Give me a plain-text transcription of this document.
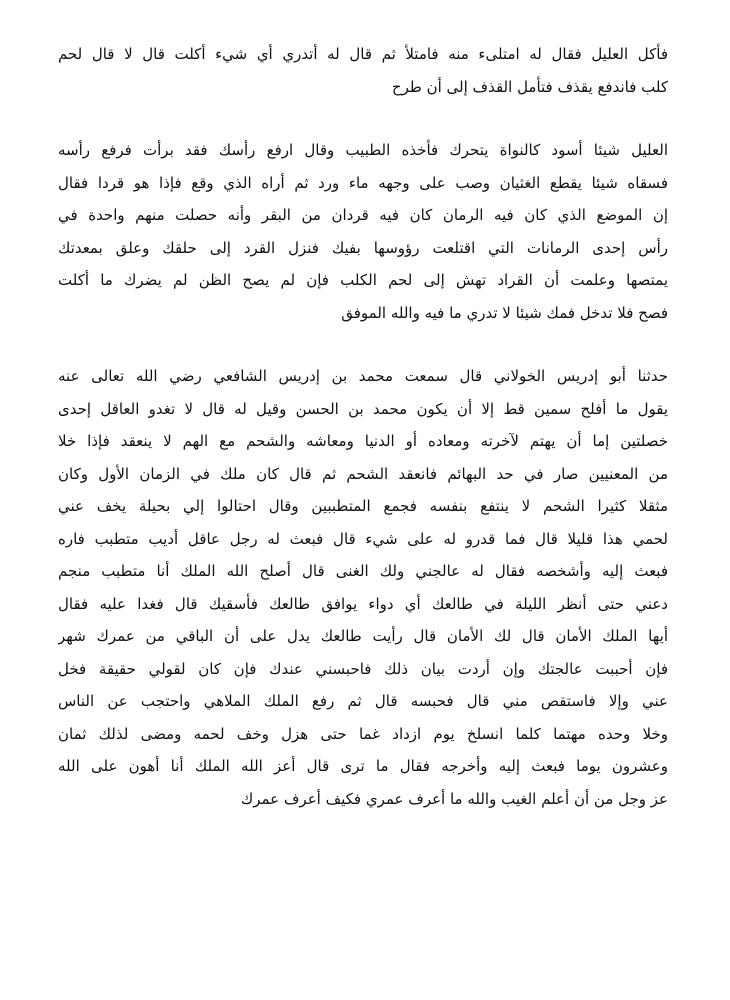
فأكل العليل فقال له امتلىء منه فامتلأ ثم قال له أتدري أي شيء أكلت قال لا قال لحم
كلب فاندفع يقذف فتأمل القذف إلى أن طرح
العليل شيئا أسود كالنواة يتحرك فأخذه الطبيب وقال ارفع رأسك فقد برأت فرفع رأسه
فسقاه شيئا يقطع الغثيان وصب على وجهه ماء ورد ثم أراه الذي وقع فإذا هو قردا فقال
إن الموضع الذي كان فيه الرمان كان فيه قردان من البقر وأنه حصلت منهم واحدة في
رأس إحدى الرمانات التي اقتلعت رؤوسها بفيك فنزل القرد إلى حلقك وعلق بمعدتك
يمتصها وعلمت أن القراد تهش إلى لحم الكلب فإن لم يصح الظن لم يضرك ما أكلت
فصح فلا تدخل فمك شيئا لا تدري ما فيه والله الموفق
حدثنا أبو إدريس الخولاني قال سمعت محمد بن إدريس الشافعي رضي الله تعالى عنه
يقول ما أفلح سمين قط إلا أن يكون محمد بن الحسن وقيل له قال لا تغدو العاقل إحدى
خصلتين إما أن يهتم لآخرته ومعاده أو الدنيا ومعاشه والشحم مع الهم لا ينعقد فإذا خلا
من المعنيين صار في حد البهائم فانعقد الشحم ثم قال كان ملك في الزمان الأول وكان
مثقلا كثيرا الشحم لا ينتفع بنفسه فجمع المتطببين وقال احتالوا إلي بحيلة يخف عني
لحمي هذا قليلا قال فما قدرو له على شيء قال فبعث له رجل عاقل أديب متطبب فاره
فبعث إليه وأشخصه فقال له عالجني ولك الغنى قال أصلح الله الملك أنا متطبب منجم
دعني حتى أنظر الليلة في طالعك أي دواء يوافق طالعك فأسقيك قال فغدا عليه فقال
أيها الملك الأمان قال لك الأمان قال رأيت طالعك يدل على أن الباقي من عمرك شهر
فإن أحببت عالجتك وإن أردت بيان ذلك فاحبسني عندك فإن كان لقولي حقيقة فخل
عني وإلا فاستقص مني قال فحبسه قال ثم رفع الملك الملاهي واحتجب عن الناس
وخلا وحده مهتما كلما انسلخ يوم ازداد غما حتى هزل وخف لحمه ومضى لذلك ثمان
وعشرون يوما فبعث إليه وأخرجه فقال ما ترى قال أعز الله الملك أنا أهون على الله
عز وجل من أن أعلم الغيب والله ما أعرف عمري فكيف أعرف عمرك
